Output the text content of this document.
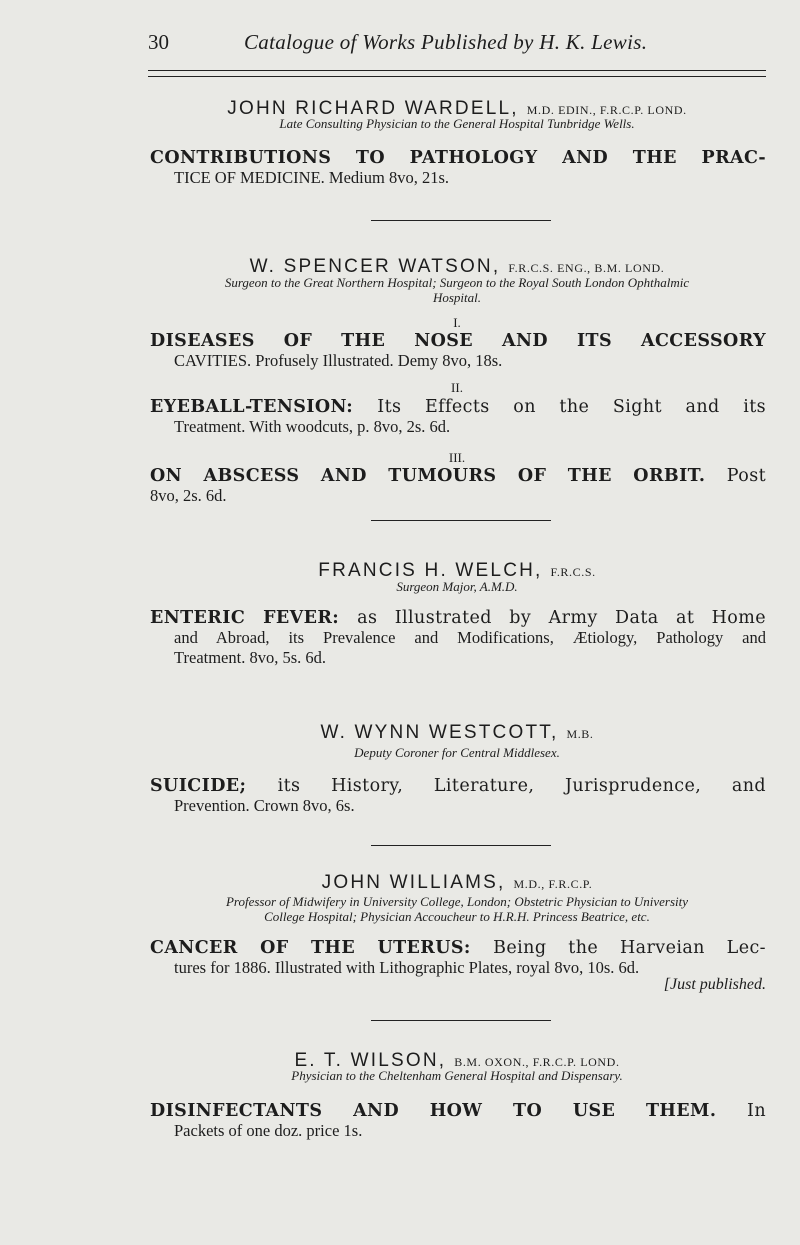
30	Catalogue of Works Published by H. K. Lewis.
JOHN RICHARD WARDELL, M.D. EDIN., F.R.C.P. LOND.
Late Consulting Physician to the General Hospital Tunbridge Wells.
CONTRIBUTIONS TO PATHOLOGY AND THE PRAC-
TICE OF MEDICINE. Medium 8vo, 21s.
W. SPENCER WATSON, F.R.C.S. ENG., B.M. LOND.
Surgeon to the Great Northern Hospital; Surgeon to the Royal South London Ophthalmic
Hospital.
I.
DISEASES OF THE NOSE AND ITS ACCESSORY
CAVITIES. Profusely Illustrated. Demy 8vo, 18s.
II.
EYEBALL-TENSION: Its Effects on the Sight and its
Treatment. With woodcuts, p. 8vo, 2s. 6d.
III.
ON ABSCESS AND TUMOURS OF THE ORBIT. Post
8vo, 2s. 6d.
FRANCIS H. WELCH, F.R.C.S.
Surgeon Major, A.M.D.
ENTERIC FEVER: as Illustrated by Army Data at Home
and Abroad, its Prevalence and Modifications, Ætiology, Pathology and
Treatment. 8vo, 5s. 6d.
W. WYNN WESTCOTT, M.B.
Deputy Coroner for Central Middlesex.
SUICIDE; its History, Literature, Jurisprudence, and
Prevention. Crown 8vo, 6s.
JOHN WILLIAMS, M.D., F.R.C.P.
Professor of Midwifery in University College, London; Obstetric Physician to University
College Hospital; Physician Accoucheur to H.R.H. Princess Beatrice, etc.
CANCER OF THE UTERUS: Being the Harveian Lec-
tures for 1886. Illustrated with Lithographic Plates, royal 8vo, 10s. 6d.
[Just published.
E. T. WILSON, B.M. OXON., F.R.C.P. LOND.
Physician to the Cheltenham General Hospital and Dispensary.
DISINFECTANTS AND HOW TO USE THEM. In
Packets of one doz. price 1s.
